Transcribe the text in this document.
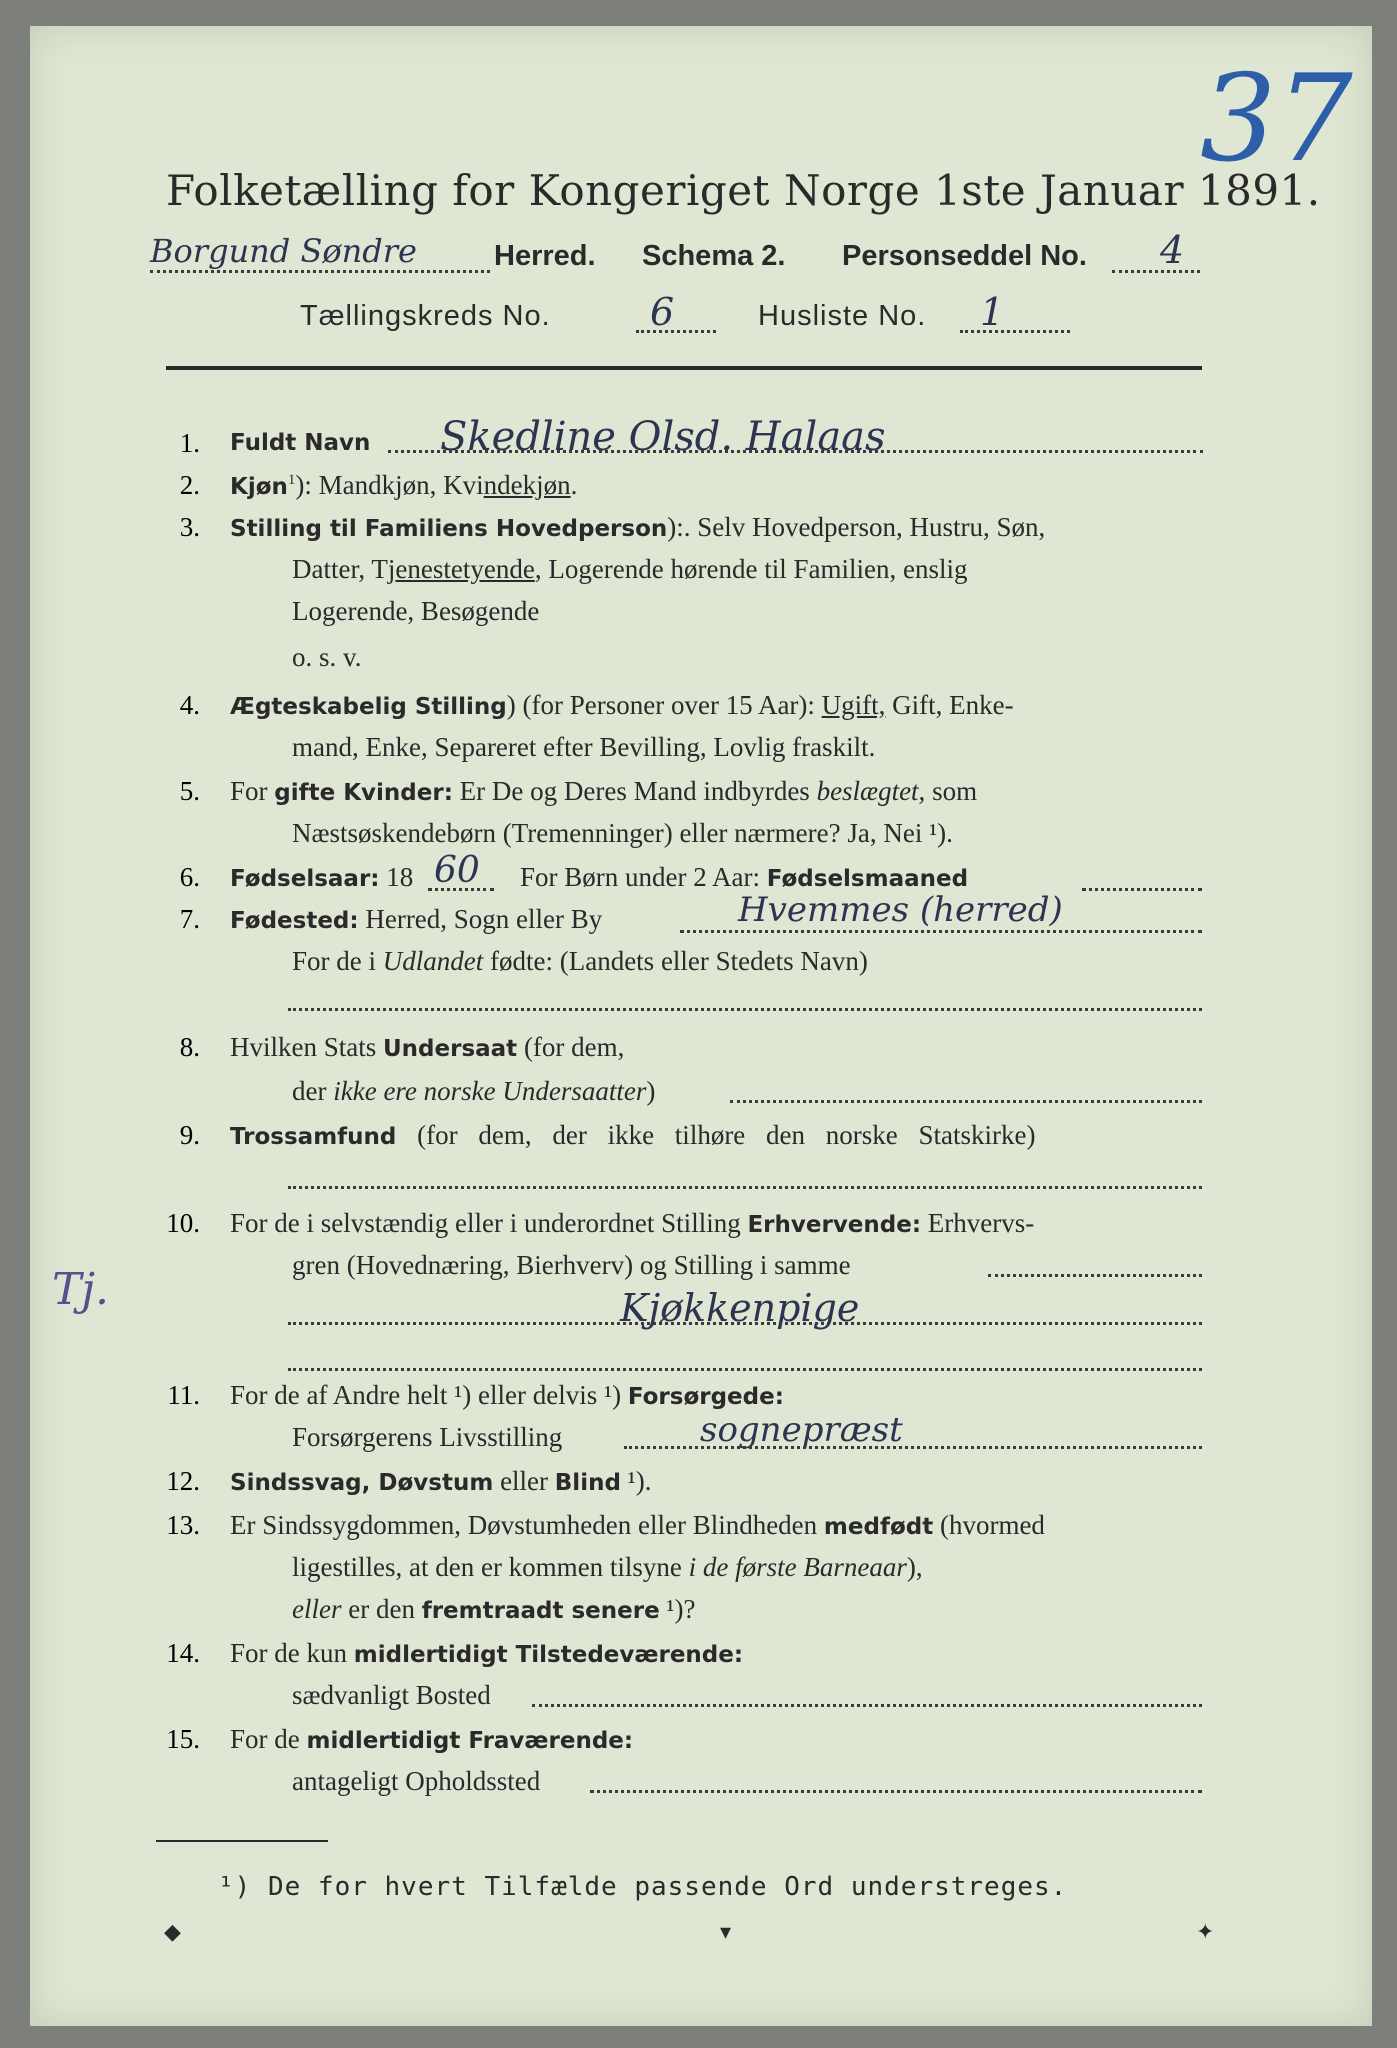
37
Folketælling for Kongeriget Norge 1ste Januar 1891.
Borgund Søndre	Herred. Schema 2. Personseddel No. 4
Tællingskreds No.	6	Husliste No. 1
1. Fuldt Navn Skedline Olsd. Halaas
2. Kjøn$^1$): Mandkjøn, Kvindekjøn.
3. Stilling til Familiens Hovedperson):. Selv Hovedperson, Hustru, Søn,
Datter, Tjenestetyende, Logerende hørende til Familien, enslig
Logerende, Besøgende
o. s. v.
4. Ægteskabelig Stilling) (for Personer over 15 Aar): Ugift, Gift, Enke-
mand, Enke, Separeret efter Bevilling, Lovlig fraskilt.
5. For gifte Kvinder: Er De og Deres Mand indbyrdes beslægtet, som
Næstsøskendebørn (Tremenninger) eller nærmere? Ja, Nei ¹).
6. Fødselsaar: 18 60 For Børn under 2 Aar: Fødselsmaaned
7. Fødested: Herred, Sogn eller By	Hvemmes (herred)
For de i Udlandet fødte: (Landets eller Stedets Navn)
8. Hvilken Stats Undersaat (for dem,
der ikke ere norske Undersaatter)
9. Trossamfund (for dem, der ikke tilhøre den norske Statskirke)
10. For de i selvstændig eller i underordnet Stilling Erhvervende: Erhvervs-
gren (Hovednæring, Bierhverv) og Stilling i samme
Kjøkkenpige
Tj.
11. For de af Andre helt ¹) eller delvis ¹) Forsørgede:
Forsørgerens Livsstilling	sognepræst
12. Sindssvag, Døvstum eller Blind ¹).
13. Er Sindssygdommen, Døvstumheden eller Blindheden medfødt (hvormed
ligestilles, at den er kommen tilsyne i de første Barneaar),
eller er den fremtraadt senere ¹)?
14. For de kun midlertidigt Tilstedeværende:
sædvanligt Bosted
15. For de midlertidigt Fraværende:
antageligt Opholdssted
¹) De for hvert Tilfælde passende Ord understreges.
◆	▾	✦
